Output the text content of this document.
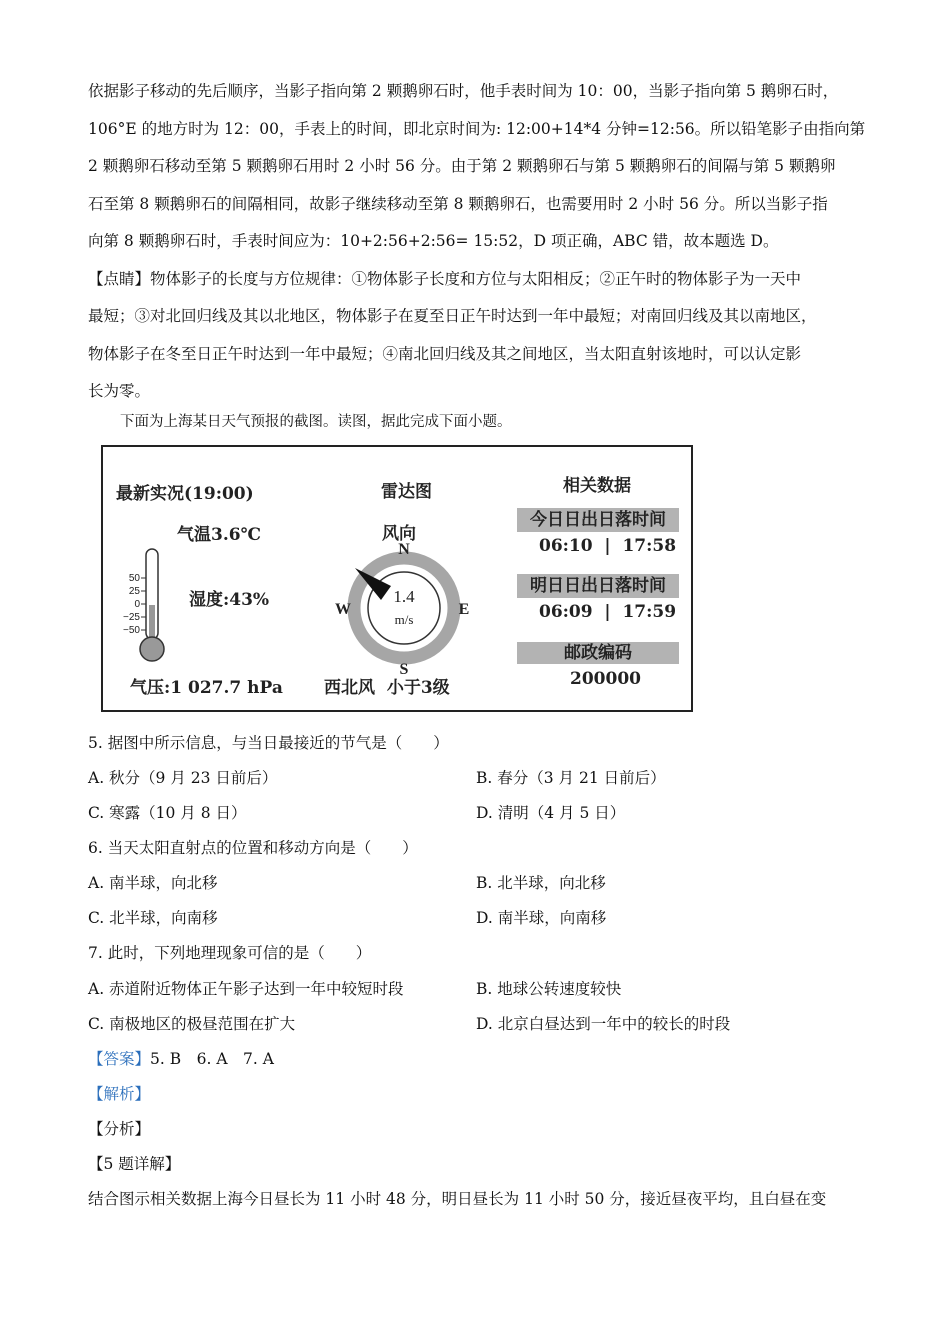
依据影子移动的先后顺序，当影子指向第 2 颗鹅卵石时，他手表时间为 10：00，当影子指向第 5 鹅卵石时，
106°E 的地方时为 12：00，手表上的时间，即北京时间为: 12:00+14*4 分钟=12:56。所以铅笔影子由指向第
2 颗鹅卵石移动至第 5 颗鹅卵石用时 2 小时 56 分。由于第 2 颗鹅卵石与第 5 颗鹅卵石的间隔与第 5 颗鹅卵
石至第 8 颗鹅卵石的间隔相同，故影子继续移动至第 8 颗鹅卵石，也需要用时 2 小时 56 分。所以当影子指
向第 8 颗鹅卵石时，手表时间应为：10+2:56+2:56= 15:52，D 项正确，ABC 错，故本题选 D。
【点睛】物体影子的长度与方位规律：①物体影子长度和方位与太阳相反；②正午时的物体影子为一天中
最短；③对北回归线及其以北地区，物体影子在夏至日正午时达到一年中最短；对南回归线及其以南地区，
物体影子在冬至日正午时达到一年中最短；④南北回归线及其之间地区，当太阳直射该地时，可以认定影
长为零。
下面为上海某日天气预报的截图。读图，据此完成下面小题。
最新实况(19:00)
气温3.6℃
湿度:43%
气压:1 027.7 hPa
50
25
0
−25
−50
雷达图
风向
N
S
E
W
1.4
m/s
西北风  小于3级
相关数据
今日日出日落时间
06:10  |  17:58
明日日出日落时间
06:09  |  17:59
邮政编码
200000
5. 据图中所示信息，与当日最接近的节气是（　　）
A. 秋分（9 月 23 日前后）	B. 春分（3 月 21 日前后）
C. 寒露（10 月 8 日）	D. 清明（4 月 5 日）
6. 当天太阳直射点的位置和移动方向是（　　）
A. 南半球，向北移	B. 北半球，向北移
C. 北半球，向南移	D. 南半球，向南移
7. 此时，下列地理现象可信的是（　　）
A. 赤道附近物体正午影子达到一年中较短时段	B. 地球公转速度较快
C. 南极地区的极昼范围在扩大	D. 北京白昼达到一年中的较长的时段
【答案】5. B　6. A　7. A
【解析】
【分析】
【5 题详解】
结合图示相关数据上海今日昼长为 11 小时 48 分，明日昼长为 11 小时 50 分，接近昼夜平均，且白昼在变
